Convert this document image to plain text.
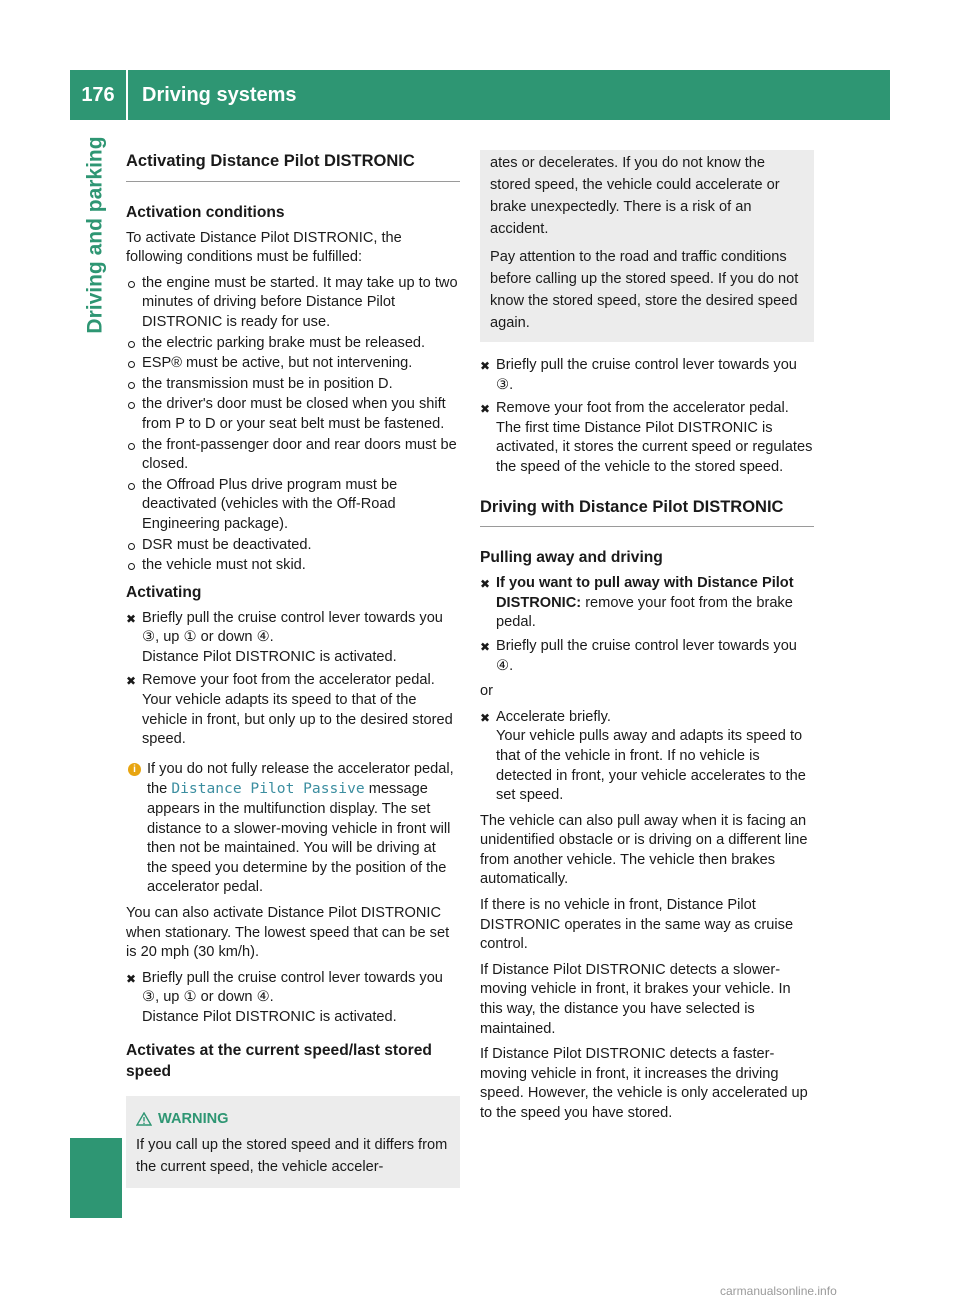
176	Driving systems
Driving and parking Activating Distance Pilot DISTRONIC
Activation conditions

To activate Distance Pilot DISTRONIC, the following conditions must be fulfilled:

the engine must be started. It may take up to two minutes of driving before Distance Pilot DISTRONIC is ready for use.
the electric parking brake must be released.
ESP® must be active, but not intervening.
the transmission must be in position D.
the driver's door must be closed when you shift from P to D or your seat belt must be fastened.
the front-passenger door and rear doors must be closed.
the Offroad Plus drive program must be deactivated (vehicles with the Off-Road Engineering package).
DSR must be deactivated.
the vehicle must not skid.
Activating
✖ Briefly pull the cruise control lever towards you ③, up ① or down ④.
Distance Pilot DISTRONIC is activated.
✖ Remove your foot from the accelerator pedal. Your vehicle adapts its speed to that of the vehicle in front, but only up to the desired stored speed.
i If you do not fully release the accelerator pedal, the Distance Pilot Passive message appears in the multifunction display. The set distance to a slower-moving vehicle in front will then not be maintained. You will be driving at the speed you determine by the position of the accelerator pedal.

You can also activate Distance Pilot DISTRONIC when stationary. The lowest speed that can be set is 20 mph (30 km/h).

✖ Briefly pull the cruise control lever towards you ③, up ① or down ④.
Distance Pilot DISTRONIC is activated.
Activates at the current speed/last stored speed
WARNING
If you call up the stored speed and it differs from the current speed, the vehicle acceler-

ates or decelerates. If you do not know the stored speed, the vehicle could accelerate or brake unexpectedly. There is a risk of an accident.

Pay attention to the road and traffic conditions before calling up the stored speed. If you do not know the stored speed, store the desired speed again.

✖ Briefly pull the cruise control lever towards you ③.
✖ Remove your foot from the accelerator pedal. The first time Distance Pilot DISTRONIC is activated, it stores the current speed or regulates the speed of the vehicle to the stored speed.
Driving with Distance Pilot DISTRONIC
Pulling away and driving
✖ If you want to pull away with Distance Pilot DISTRONIC: remove your foot from the brake pedal.
✖ Briefly pull the cruise control lever towards you ④.

or

✖ Accelerate briefly.
Your vehicle pulls away and adapts its speed to that of the vehicle in front. If no vehicle is detected in front, your vehicle accelerates to the set speed.

The vehicle can also pull away when it is facing an unidentified obstacle or is driving on a different line from another vehicle. The vehicle then brakes automatically.

If there is no vehicle in front, Distance Pilot DISTRONIC operates in the same way as cruise control.

If Distance Pilot DISTRONIC detects a slower-moving vehicle in front, it brakes your vehicle. In this way, the distance you have selected is maintained.

If Distance Pilot DISTRONIC detects a faster-moving vehicle in front, it increases the driving speed. However, the vehicle is only accelerated up to the speed you have stored.

carmanualsonline.info
